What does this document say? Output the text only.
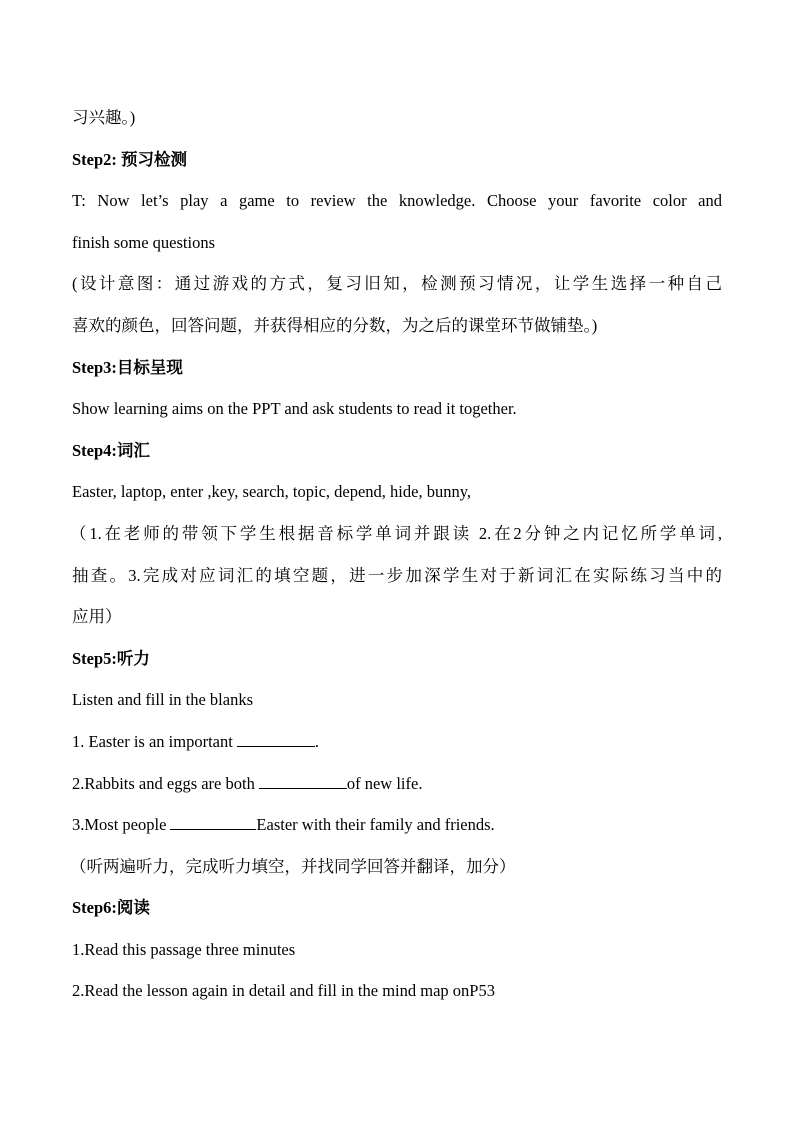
习兴趣。)
Step2: 预习检测
T: Now let’s play a game to review the knowledge. Choose your favorite color and
finish some questions
(设计意图：通过游戏的方式，复习旧知，检测预习情况，让学生选择一种自己
喜欢的颜色，回答问题，并获得相应的分数，为之后的课堂环节做铺垫。)
Step3:目标呈现
Show learning aims on the PPT and ask students to read it together.
Step4:词汇
Easter, laptop, enter ,key, search, topic, depend, hide, bunny,
（1.在老师的带领下学生根据音标学单词并跟读 2.在2分钟之内记忆所学单词,
抽查。3.完成对应词汇的填空题，进一步加深学生对于新词汇在实际练习当中的
应用）
Step5:听力
Listen and fill in the blanks
1. Easter is an important	.
2.Rabbits and eggs are both	of new life.
3.Most people	Easter with their family and friends.
（听两遍听力，完成听力填空，并找同学回答并翻译，加分）
Step6:阅读
1.Read this passage three minutes
2.Read the lesson again in detail and fill in the mind map onP53
